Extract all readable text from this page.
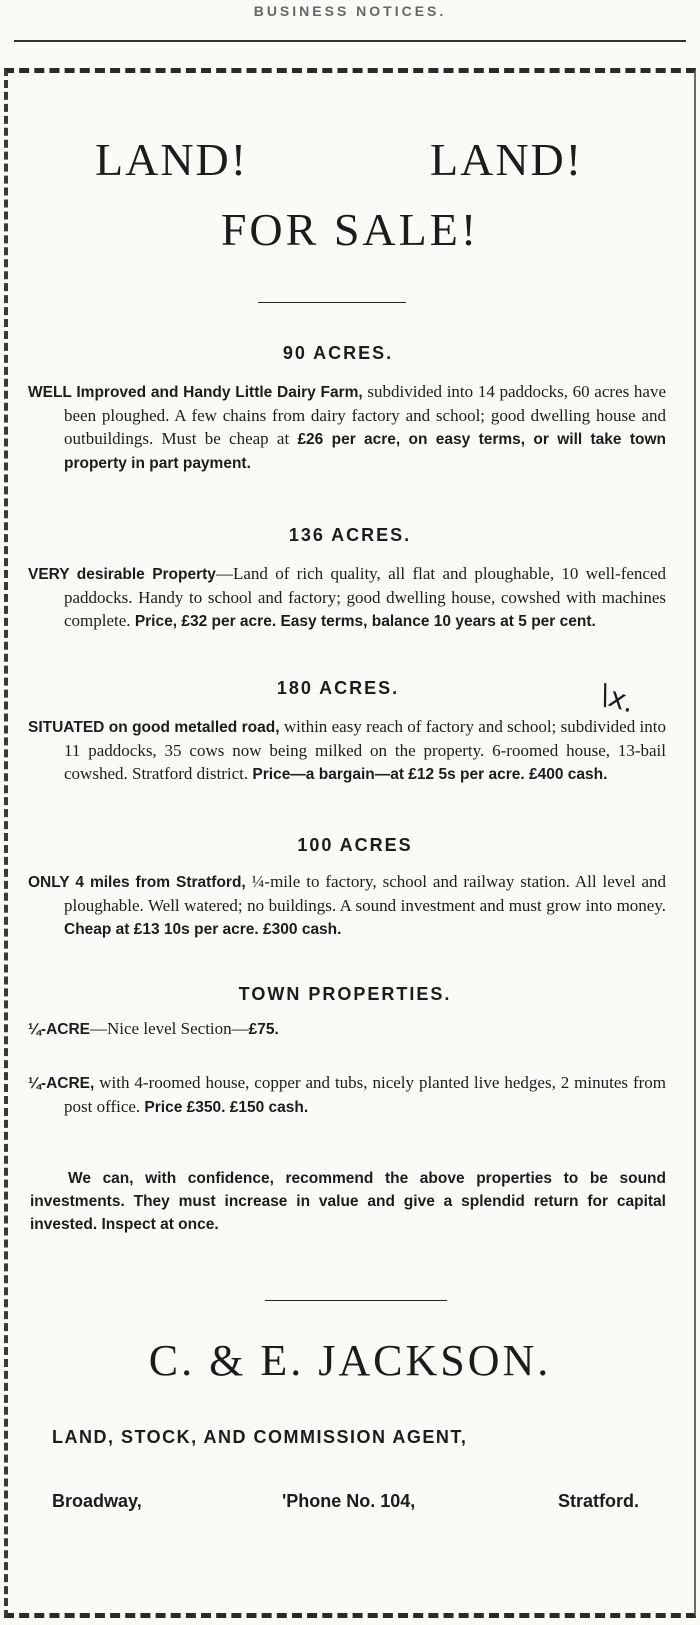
BUSINESS NOTICES.
LAND!	LAND!
FOR SALE!
90 ACRES.

WELL Improved and Handy Little Dairy Farm, subdivided into 14 paddocks, 60 acres have been ploughed. A few chains from dairy factory and school; good dwelling house and outbuildings. Must be cheap at £26 per acre, on easy terms, or will take town property in part payment.

136 ACRES.

VERY desirable Property—Land of rich quality, all flat and ploughable, 10 well-fenced paddocks. Handy to school and factory; good dwelling house, cowshed with machines complete. Price, £32 per acre. Easy terms, balance 10 years at 5 per cent.

180 ACRES.

SITUATED on good metalled road, within easy reach of factory and school; subdivided into 11 paddocks, 35 cows now being milked on the property. 6-roomed house, 13-bail cowshed. Stratford district. Price—a bargain—at £12 5s per acre. £400 cash.

\x.
100 ACRES

ONLY 4 miles from Stratford, ¼-mile to factory, school and railway station. All level and ploughable. Well watered; no buildings. A sound investment and must grow into money. Cheap at £13 10s per acre. £300 cash.

TOWN PROPERTIES.

¼-ACRE—Nice level Section—£75.

¼-ACRE, with 4-roomed house, copper and tubs, nicely planted live hedges, 2 minutes from post office. Price £350. £150 cash.

We can, with confidence, recommend the above properties to be sound investments. They must increase in value and give a splendid return for capital invested. Inspect at once.
C. & E. JACKSON.
LAND, STOCK, AND COMMISSION AGENT,
Broadway,	'Phone No. 104,	Stratford.
